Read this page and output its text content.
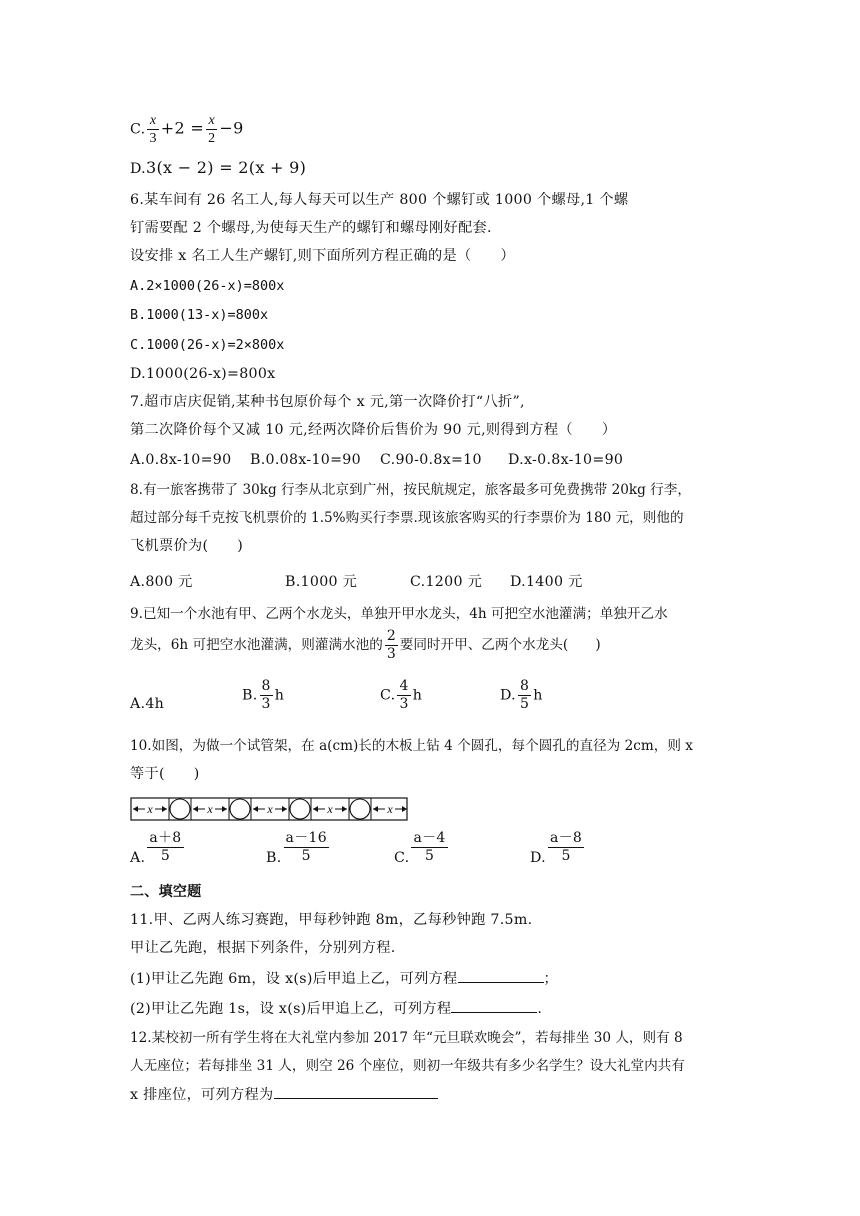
C. $\frac{x}{3} +2 = \frac{x}{2} -9$
D.3(x − 2) = 2(x + 9)
6.某车间有 26 名工人,每人每天可以生产 800 个螺钉或 1000 个螺母,1 个螺
钉需要配 2 个螺母,为使每天生产的螺钉和螺母刚好配套.
设安排 x 名工人生产螺钉,则下面所列方程正确的是（　　）
A.2×1000(26-x)=800x
B.1000(13-x)=800x
C.1000(26-x)=2×800x
D.1000(26-x)=800x
7.超市店庆促销,某种书包原价每个 x 元,第一次降价打“八折”,
第二次降价每个又减 10 元,经两次降价后售价为 90 元,则得到方程（　　）
A.0.8x-10=90 B.0.08x-10=90 C.90-0.8x=10 D.x-0.8x-10=90
8.有一旅客携带了 30kg 行李从北京到广州，按民航规定，旅客最多可免费携带 20kg 行李，
超过部分每千克按飞机票价的 1.5%购买行李票.现该旅客购买的行李票价为 180 元，则他的
飞机票价为(　　)
A.800 元	B.1000 元	C.1200 元 D.1400 元
9.已知一个水池有甲、乙两个水龙头，单独开甲水龙头，4h 可把空水池灌满；单独开乙水
龙头，6h 可把空水池灌满，则灌满水池的 $\frac{2}{3}$ 要同时开甲、乙两个水龙头(　　)
A.4h
B. $\frac{8}{3}$ h	C. $\frac{4}{3}$ h	D. $\frac{8}{5}$ h
10.如图，为做一个试管架，在 a(cm)长的木板上钻 4 个圆孔，每个圆孔的直径为 2cm，则 x
等于(　　)
x	x	x	x	x
A. $\frac{a+8}{5}$	B. $\frac{a-16}{5}$	C. $\frac{a-4}{5}$	D. $\frac{a-8}{5}$
二、填空题
11.甲、乙两人练习赛跑，甲每秒钟跑 8m，乙每秒钟跑 7.5m.
甲让乙先跑，根据下列条件，分别列方程.
(1)甲让乙先跑 6m，设 x(s)后甲追上乙，可列方程	；
(2)甲让乙先跑 1s，设 x(s)后甲追上乙，可列方程	.
12.某校初一所有学生将在大礼堂内参加 2017 年“元旦联欢晚会”，若每排坐 30 人，则有 8
人无座位；若每排坐 31 人，则空 26 个座位，则初一年级共有多少名学生？设大礼堂内共有
x 排座位，可列方程为
